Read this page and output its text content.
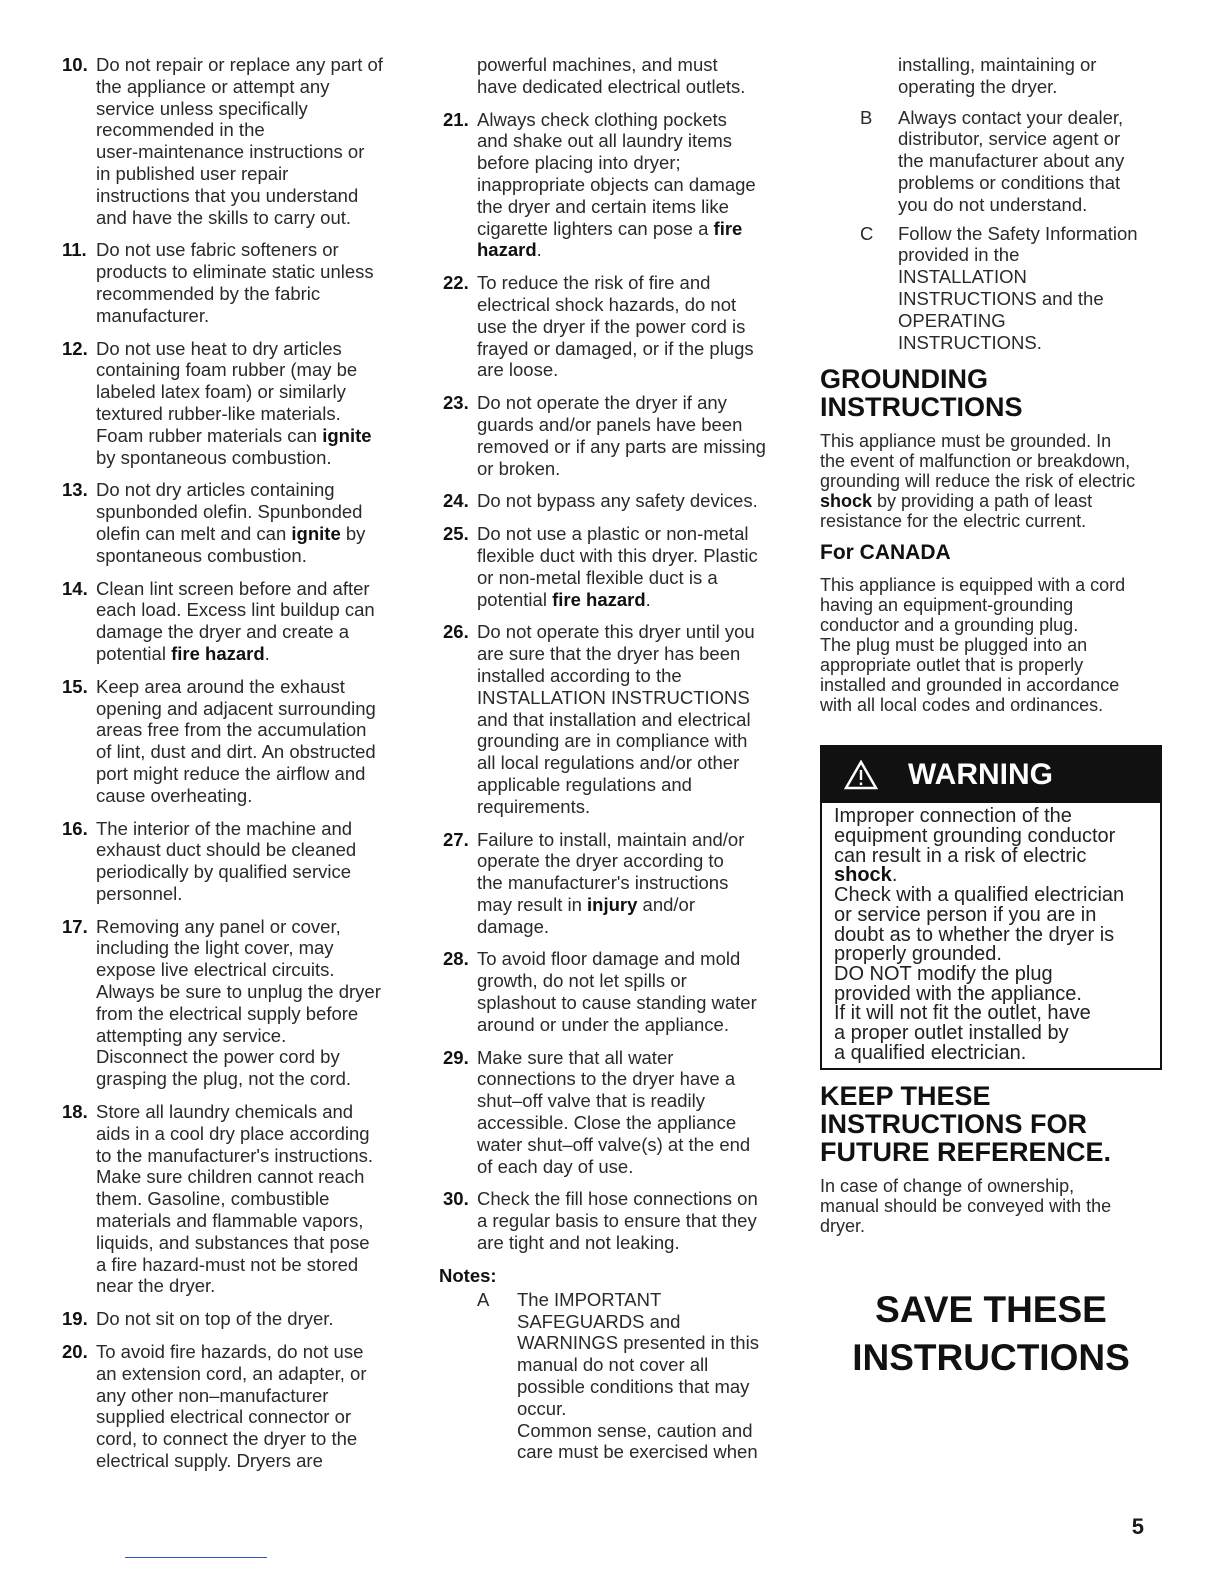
10. Do not repair or replace any part of
the appliance or attempt any
service unless specifically
recommended in the
user-maintenance instructions or
in published user repair
instructions that you understand
and have the skills to carry out.
11. Do not use fabric softeners or
products to eliminate static unless
recommended by the fabric
manufacturer.
12. Do not use heat to dry articles
containing foam rubber (may be
labeled latex foam) or similarly
textured rubber-like materials.
Foam rubber materials can ignite
by spontaneous combustion.
13. Do not dry articles containing
spunbonded olefin. Spunbonded
olefin can melt and can ignite by
spontaneous combustion.
14. Clean lint screen before and after
each load. Excess lint buildup can
damage the dryer and create a
potential fire hazard.
15. Keep area around the exhaust
opening and adjacent surrounding
areas free from the accumulation
of lint, dust and dirt. An obstructed
port might reduce the airflow and
cause overheating.
16. The interior of the machine and
exhaust duct should be cleaned
periodically by qualified service
personnel.
17. Removing any panel or cover,
including the light cover, may
expose live electrical circuits.
Always be sure to unplug the dryer
from the electrical supply before
attempting any service.
Disconnect the power cord by
grasping the plug, not the cord.
18. Store all laundry chemicals and
aids in a cool dry place according
to the manufacturer's instructions.
Make sure children cannot reach
them. Gasoline, combustible
materials and flammable vapors,
liquids, and substances that pose
a fire hazard-must not be stored
near the dryer.
19. Do not sit on top of the dryer.
20. To avoid fire hazards, do not use
an extension cord, an adapter, or
any other non–manufacturer
supplied electrical connector or
cord, to connect the dryer to the
electrical supply. Dryers are
powerful machines, and must
have dedicated electrical outlets.
21. Always check clothing pockets
and shake out all laundry items
before placing into dryer;
inappropriate objects can damage
the dryer and certain items like
cigarette lighters can pose a fire
hazard.
22. To reduce the risk of fire and
electrical shock hazards, do not
use the dryer if the power cord is
frayed or damaged, or if the plugs
are loose.
23. Do not operate the dryer if any
guards and/or panels have been
removed or if any parts are missing
or broken.
24. Do not bypass any safety devices.
25. Do not use a plastic or non-metal
flexible duct with this dryer. Plastic
or non-metal flexible duct is a
potential fire hazard.
26. Do not operate this dryer until you
are sure that the dryer has been
installed according to the
INSTALLATION INSTRUCTIONS
and that installation and electrical
grounding are in compliance with
all local regulations and/or other
applicable regulations and
requirements.
27. Failure to install, maintain and/or
operate the dryer according to
the manufacturer's instructions
may result in injury and/or
damage.
28. To avoid floor damage and mold
growth, do not let spills or
splashout to cause standing water
around or under the appliance.
29. Make sure that all water
connections to the dryer have a
shut–off valve that is readily
accessible. Close the appliance
water shut–off valve(s) at the end
of each day of use.
30. Check the fill hose connections on
a regular basis to ensure that they
are tight and not leaking.
Notes:
A	The IMPORTANT
SAFEGUARDS and
WARNINGS presented in this
manual do not cover all
possible conditions that may
occur.
Common sense, caution and
care must be exercised when
installing, maintaining or
operating the dryer.
B	Always contact your dealer,
distributor, service agent or
the manufacturer about any
problems or conditions that
you do not understand.
C	Follow the Safety Information
provided in the
INSTALLATION
INSTRUCTIONS and the
OPERATING
INSTRUCTIONS.
GROUNDING
INSTRUCTIONS

This appliance must be grounded. In
the event of malfunction or breakdown,
grounding will reduce the risk of electric
shock by providing a path of least
resistance for the electric current.

For CANADA

This appliance is equipped with a cord
having an equipment-grounding
conductor and a grounding plug.
The plug must be plugged into an
appropriate outlet that is properly
installed and grounded in accordance
with all local codes and ordinances.

WARNING
Improper connection of the
equipment grounding conductor
can result in a risk of electric
shock.
Check with a qualified electrician
or service person if you are in
doubt as to whether the dryer is
properly grounded.
DO NOT modify the plug
provided with the appliance.
If it will not fit the outlet, have
a proper outlet installed by
a qualified electrician.
KEEP THESE
INSTRUCTIONS FOR
FUTURE REFERENCE.

In case of change of ownership,
manual should be conveyed with the
dryer.

SAVE THESE
INSTRUCTIONS
5
